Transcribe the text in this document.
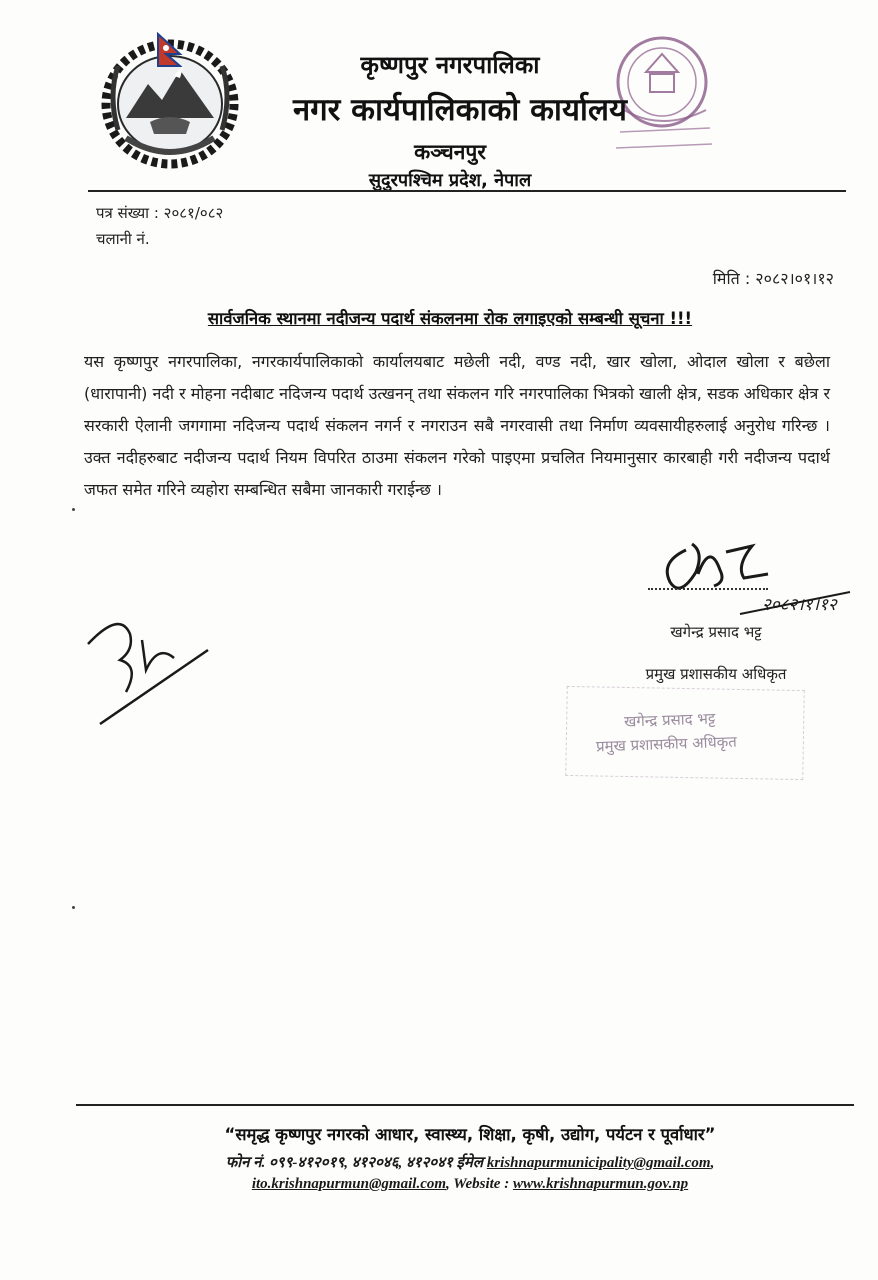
कृष्णपुर नगरपालिका
नगर कार्यपालिकाको कार्यालय
कञ्चनपुर
सुदुरपश्चिम प्रदेश, नेपाल
पत्र संख्या : २०८१/०८२
चलानी नं.
मिति : २०८२।०१।१२
सार्वजनिक स्थानमा नदीजन्य पदार्थ संकलनमा रोक लगाइएको सम्बन्धी सूचना !!!
यस कृष्णपुर नगरपालिका, नगरकार्यपालिकाको कार्यालयबाट मछेली नदी, वण्ड नदी, खार खोला, ओदाल खोला र बछेला (धारापानी) नदी र मोहना नदीबाट नदिजन्य पदार्थ उत्खनन् तथा संकलन गरि नगरपालिका भित्रको खाली क्षेत्र, सडक अधिकार क्षेत्र र सरकारी ऐलानी जगगामा नदिजन्य पदार्थ संकलन नगर्न र नगराउन सबै नगरवासी तथा निर्माण व्यवसायीहरुलाई अनुरोध गरिन्छ । उक्त नदीहरुबाट नदीजन्य पदार्थ नियम विपरित ठाउमा संकलन गरेको पाइएमा प्रचलित नियमानुसार कारबाही गरी नदीजन्य पदार्थ जफत समेत गरिने व्यहोरा सम्बन्धित सबैमा जानकारी गराईन्छ ।
२०८२।१।१२
खगेन्द्र प्रसाद भट्ट
प्रमुख प्रशासकीय अधिकृत
खगेन्द्र प्रसाद भट्ट
प्रमुख प्रशासकीय अधिकृत
“समृद्ध कृष्णपुर नगरको आधार, स्वास्थ्य, शिक्षा, कृषी, उद्योग, पर्यटन र पूर्वाधार”
फोन नं. ०९९-४१२०१९, ४१२०४६, ४१२०४१ ईमेल krishnapurmunicipality@gmail.com,
ito.krishnapurmun@gmail.com, Website : www.krishnapurmun.gov.np
